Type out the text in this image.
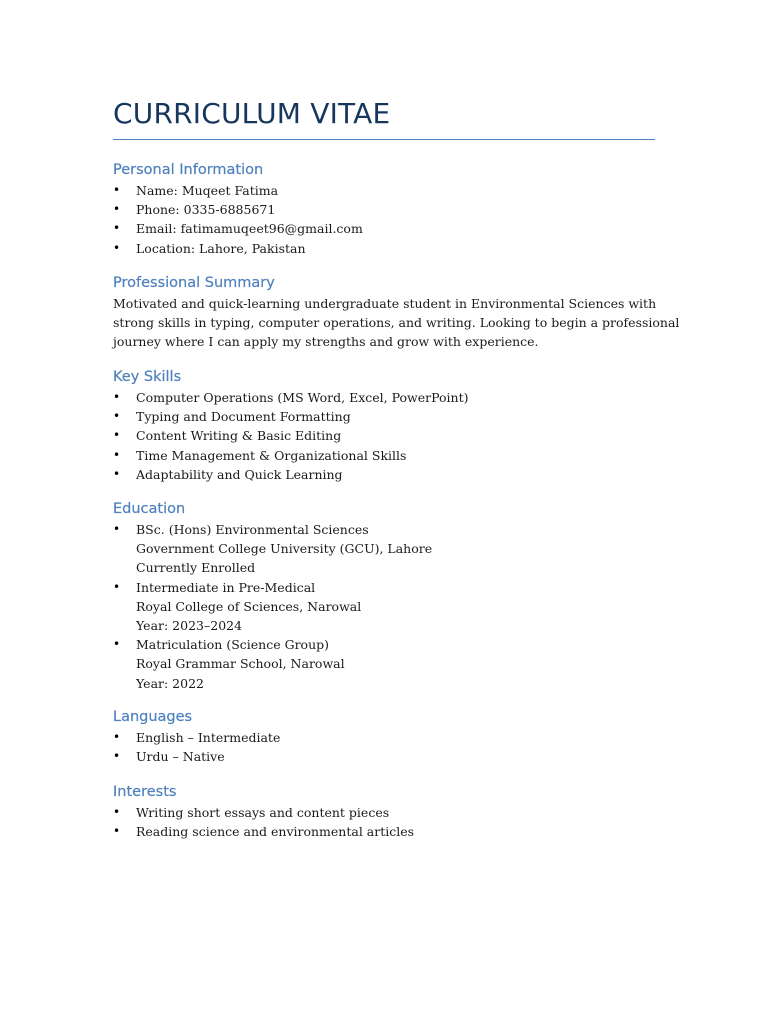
CURRICULUM VITAE
Personal Information
• Name: Muqeet Fatima
• Phone: 0335-6885671
• Email: fatimamuqeet96@gmail.com
• Location: Lahore, Pakistan
Professional Summary

Motivated and quick-learning undergraduate student in Environmental Sciences with
strong skills in typing, computer operations, and writing. Looking to begin a professional
journey where I can apply my strengths and grow with experience.

Key Skills
• Computer Operations (MS Word, Excel, PowerPoint)
• Typing and Document Formatting
• Content Writing & Basic Editing
• Time Management & Organizational Skills
• Adaptability and Quick Learning
Education
• BSc. (Hons) Environmental Sciences
Government College University (GCU), Lahore
Currently Enrolled
• Intermediate in Pre-Medical
Royal College of Sciences, Narowal
Year: 2023–2024
• Matriculation (Science Group)
Royal Grammar School, Narowal
Year: 2022
Languages
• English – Intermediate
• Urdu – Native
Interests
• Writing short essays and content pieces
• Reading science and environmental articles
